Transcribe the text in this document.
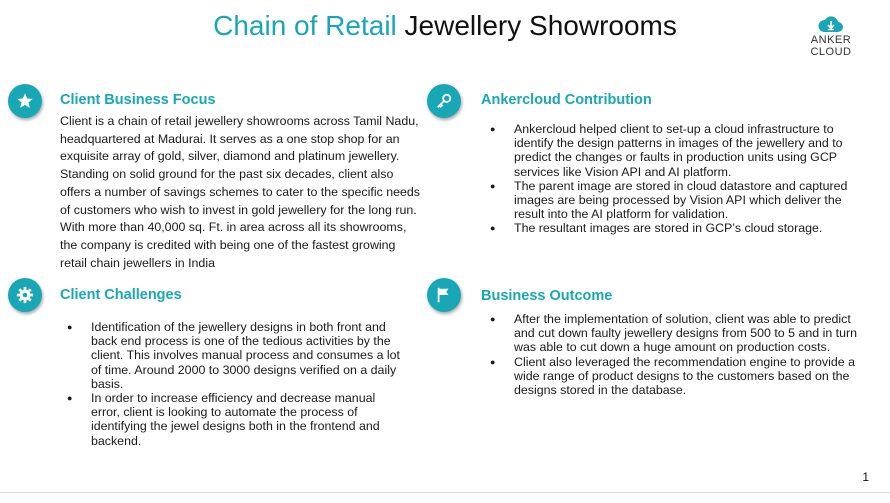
Chain of Retail Jewellery Showrooms	ANKER
CLOUD
Client Business Focus
Client is a chain of retail jewellery showrooms across Tamil Nadu, headquartered at Madurai. It serves as a one stop shop for an exquisite array of gold, silver, diamond and platinum jewellery. Standing on solid ground for the past six decades, client also offers a number of savings schemes to cater to the specific needs of customers who wish to invest in gold jewellery for the long run. With more than 40,000 sq. Ft. in area across all its showrooms, the company is credited with being one of the fastest growing retail chain jewellers in India
Ankercloud Contribution
● Ankercloud helped client to set-up a cloud infrastructure to identify the design patterns in images of the jewellery and to predict the changes or faults in production units using GCP services like Vision API and AI platform.
● The parent image are stored in cloud datastore and captured images are being processed by Vision API which deliver the result into the AI platform for validation.
● The resultant images are stored in GCP’s cloud storage.
Client Challenges
● Identification of the jewellery designs in both front and back end process is one of the tedious activities by the client. This involves manual process and consumes a lot of time. Around 2000 to 3000 designs verified on a daily basis.
● In order to increase efficiency and decrease manual error, client is looking to automate the process of identifying the jewel designs both in the frontend and backend.
Business Outcome
● After the implementation of solution, client was able to predict and cut down faulty jewellery designs from 500 to 5 and in turn was able to cut down a huge amount on production costs.
● Client also leveraged the recommendation engine to provide a wide range of product designs to the customers based on the designs stored in the database.
1
